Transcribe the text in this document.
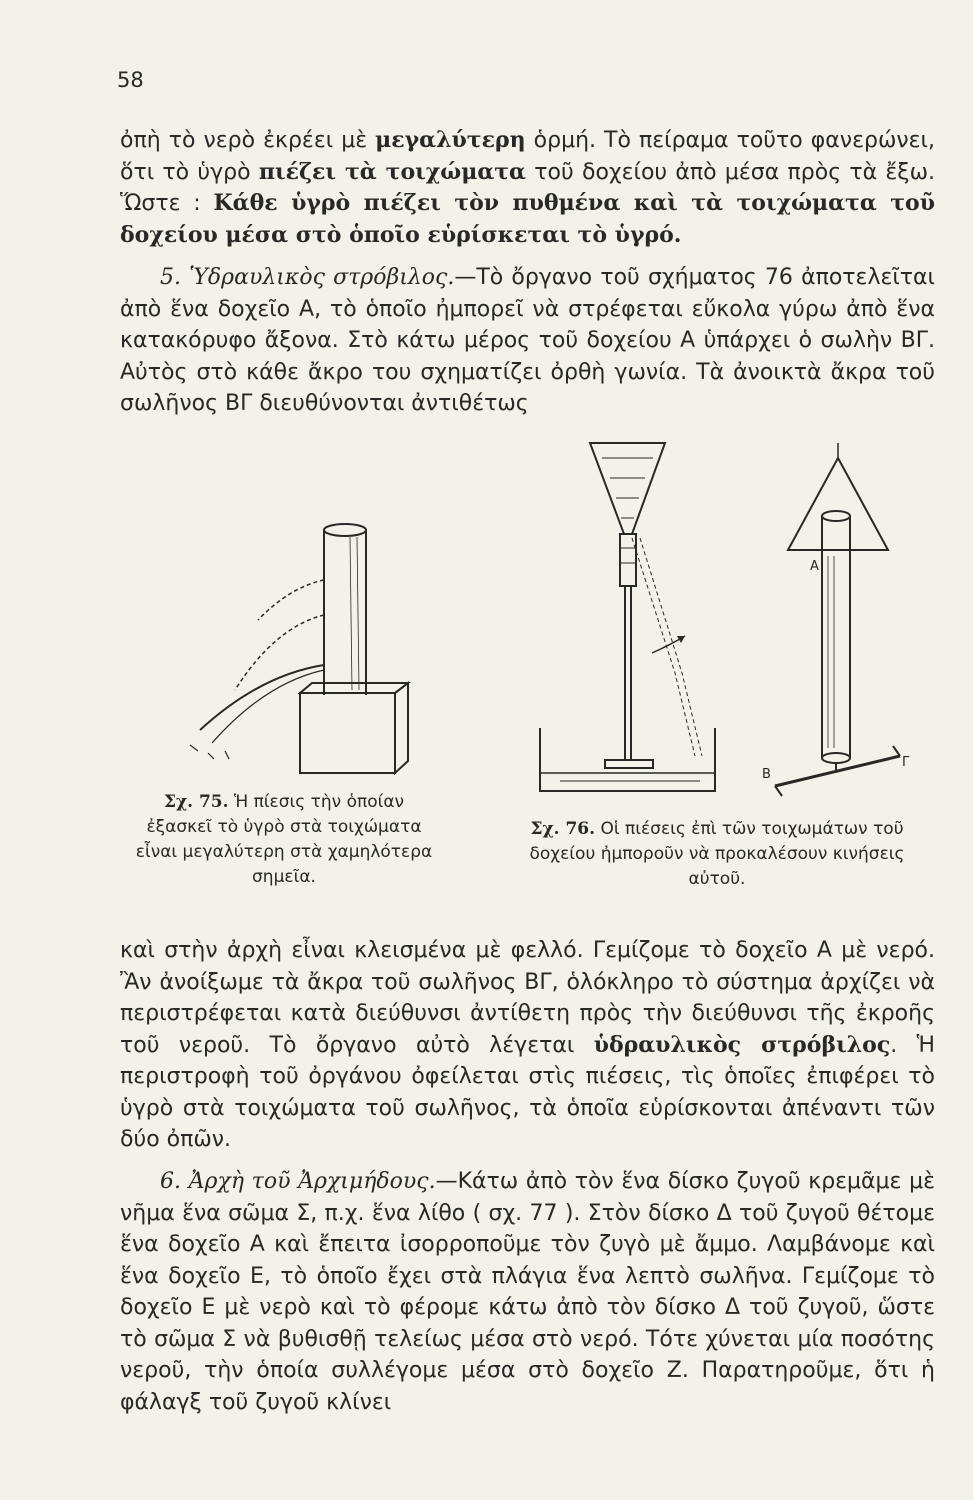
58

ὀπὴ τὸ νερὸ ἐκρέει μὲ μεγαλύτερη ὁρμή. Τὸ πείραμα τοῦτο φανερώνει, ὅτι τὸ ὑγρὸ πιέζει τὰ τοιχώματα τοῦ δοχείου ἀπὸ μέσα πρὸς τὰ ἔξω. Ὥστε : Κάθε ὑγρὸ πιέζει τὸν πυθμένα καὶ τὰ τοιχώματα τοῦ δοχείου μέσα στὸ ὁποῖο εὑρίσκεται τὸ ὑγρό.

5. Ὑδραυλικὸς στρόβιλος.—Τὸ ὄργανο τοῦ σχήματος 76 ἀποτελεῖται ἀπὸ ἕνα δοχεῖο Α, τὸ ὁποῖο ἠμπορεῖ νὰ στρέφεται εὔκολα γύρω ἀπὸ ἕνα κατακόρυφο ἄξονα. Στὸ κάτω μέρος τοῦ δοχείου Α ὑπάρχει ὁ σωλὴν ΒΓ. Αὐτὸς στὸ κάθε ἄκρο του σχηματίζει ὀρθὴ γωνία. Τὰ ἀνοικτὰ ἄκρα τοῦ σωλῆνος ΒΓ διευθύνονται ἀντιθέτως

Σχ. 75. Ἡ πίεσις τὴν ὁποίαν ἐξασκεῖ τὸ ὑγρὸ στὰ τοιχώματα εἶναι μεγαλύτερη στὰ χαμηλότερα σημεῖα.

Α
Β
Γ

Σχ. 76. Οἱ πιέσεις ἐπὶ τῶν τοιχωμάτων τοῦ δοχείου ἠμποροῦν νὰ προκαλέσουν κινήσεις αὐτοῦ.

καὶ στὴν ἀρχὴ εἶναι κλεισμένα μὲ φελλό. Γεμίζομε τὸ δοχεῖο Α μὲ νερό. Ἂν ἀνοίξωμε τὰ ἄκρα τοῦ σωλῆνος ΒΓ, ὁλόκληρο τὸ σύστημα ἀρχίζει νὰ περιστρέφεται κατὰ διεύθυνσι ἀντίθετη πρὸς τὴν διεύθυνσι τῆς ἐκροῆς τοῦ νεροῦ. Τὸ ὄργανο αὐτὸ λέγεται ὑδραυλικὸς στρόβιλος. Ἡ περιστροφὴ τοῦ ὀργάνου ὀφείλεται στὶς πιέσεις, τὶς ὁποῖες ἐπιφέρει τὸ ὑγρὸ στὰ τοιχώματα τοῦ σωλῆνος, τὰ ὁποῖα εὑρίσκονται ἀπέναντι τῶν δύο ὀπῶν.

6. Ἀρχὴ τοῦ Ἀρχιμήδους.—Κάτω ἀπὸ τὸν ἕνα δίσκο ζυγοῦ κρεμᾶμε μὲ νῆμα ἕνα σῶμα Σ, π.χ. ἕνα λίθο ( σχ. 77 ). Στὸν δίσκο Δ τοῦ ζυγοῦ θέτομε ἕνα δοχεῖο Α καὶ ἔπειτα ἰσορροποῦμε τὸν ζυγὸ μὲ ἄμμο. Λαμβάνομε καὶ ἕνα δοχεῖο Ε, τὸ ὁποῖο ἔχει στὰ πλάγια ἕνα λεπτὸ σωλῆνα. Γεμίζομε τὸ δοχεῖο Ε μὲ νερὸ καὶ τὸ φέρομε κάτω ἀπὸ τὸν δίσκο Δ τοῦ ζυγοῦ, ὥστε τὸ σῶμα Σ νὰ βυθισθῇ τελείως μέσα στὸ νερό. Τότε χύνεται μία ποσότης νεροῦ, τὴν ὁποία συλλέγομε μέσα στὸ δοχεῖο Ζ. Παρατηροῦμε, ὅτι ἡ φάλαγξ τοῦ ζυγοῦ κλίνει
